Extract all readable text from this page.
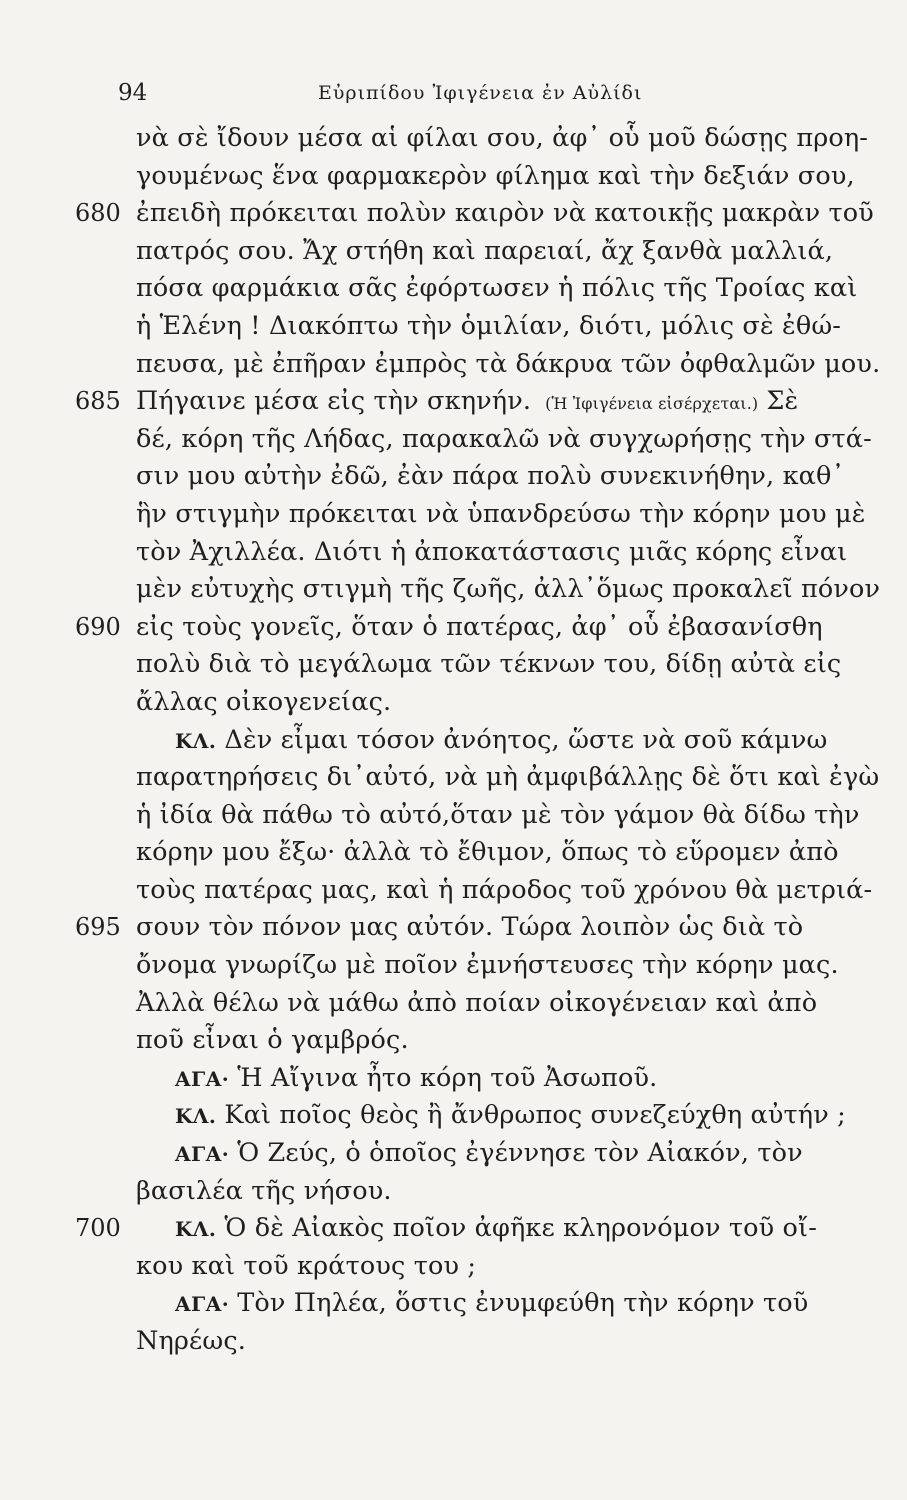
94	Εὐριπίδου Ἰφιγένεια ἐν Αὐλίδι
νὰ σὲ ἴδουν μέσα αἱ φίλαι σου, ἀφ᾽ οὗ μοῦ δώσῃς προη-
γουμένως ἕνα φαρμακερὸν φίλημα καὶ τὴν δεξιάν σου,
680 ἐπειδὴ πρόκειται πολὺν καιρὸν νὰ κατοικῇς μακρὰν τοῦ
πατρός σου. Ἄχ στήθη καὶ παρειαί, ἄχ ξανθὰ μαλλιά,
πόσα φαρμάκια σᾶς ἐφόρτωσεν ἡ πόλις τῆς Τροίας καὶ
ἡ Ἑλένη ! Διακόπτω τὴν ὁμιλίαν, διότι, μόλις σὲ ἐθώ-
πευσα, μὲ ἐπῆραν ἐμπρὸς τὰ δάκρυα τῶν ὀφθαλμῶν μου.
685 Πήγαινε μέσα εἰς τὴν σκηνήν. (Ἡ Ἰφιγένεια εἰσέρχεται.) Σὲ
δέ, κόρη τῆς Λήδας, παρακαλῶ νὰ συγχωρήσῃς τὴν στά-
σιν μου αὐτὴν ἐδῶ, ἐὰν πάρα πολὺ συνεκινήθην, καθ᾽
ἣν στιγμὴν πρόκειται νὰ ὑπανδρεύσω τὴν κόρην μου μὲ
τὸν Ἀχιλλέα. Διότι ἡ ἀποκατάστασις μιᾶς κόρης εἶναι
μὲν εὐτυχὴς στιγμὴ τῆς ζωῆς, ἀλλ᾽ὅμως προκαλεῖ πόνον
690 εἰς τοὺς γονεῖς, ὅταν ὁ πατέρας, ἀφ᾽ οὗ ἐβασανίσθη
πολὺ διὰ τὸ μεγάλωμα τῶν τέκνων του, δίδῃ αὐτὰ εἰς
ἄλλας οἰκογενείας.
ΚΛ. Δὲν εἶμαι τόσον ἀνόητος, ὥστε νὰ σοῦ κάμνω
παρατηρήσεις δι᾽αὐτό, νὰ μὴ ἀμφιβάλλῃς δὲ ὅτι καὶ ἐγὼ
ἡ ἰδία θὰ πάθω τὸ αὐτό,ὅταν μὲ τὸν γάμον θὰ δίδω τὴν
κόρην μου ἔξω· ἀλλὰ τὸ ἔθιμον, ὅπως τὸ εὕρομεν ἀπὸ
τοὺς πατέρας μας, καὶ ἡ πάροδος τοῦ χρόνου θὰ μετριά-
695 σουν τὸν πόνον μας αὐτόν. Τώρα λοιπὸν ὡς διὰ τὸ
ὄνομα γνωρίζω μὲ ποῖον ἐμνήστευσες τὴν κόρην μας.
Ἀλλὰ θέλω νὰ μάθω ἀπὸ ποίαν οἰκογένειαν καὶ ἀπὸ
ποῦ εἶναι ὁ γαμβρός.
ΑΓΑ· Ἡ Αἴγινα ἦτο κόρη τοῦ Ἀσωποῦ.
ΚΛ. Καὶ ποῖος θεὸς ἢ ἄνθρωπος συνεζεύχθη αὐτήν ;
ΑΓΑ· Ὁ Ζεύς, ὁ ὁποῖος ἐγέννησε τὸν Αἰακόν, τὸν
βασιλέα τῆς νήσου.
700	ΚΛ. Ὁ δὲ Αἰακὸς ποῖον ἀφῆκε κληρονόμον τοῦ οἴ-
κου καὶ τοῦ κράτους του ;
ΑΓΑ· Τὸν Πηλέα, ὅστις ἐνυμφεύθη τὴν κόρην τοῦ
Νηρέως.
